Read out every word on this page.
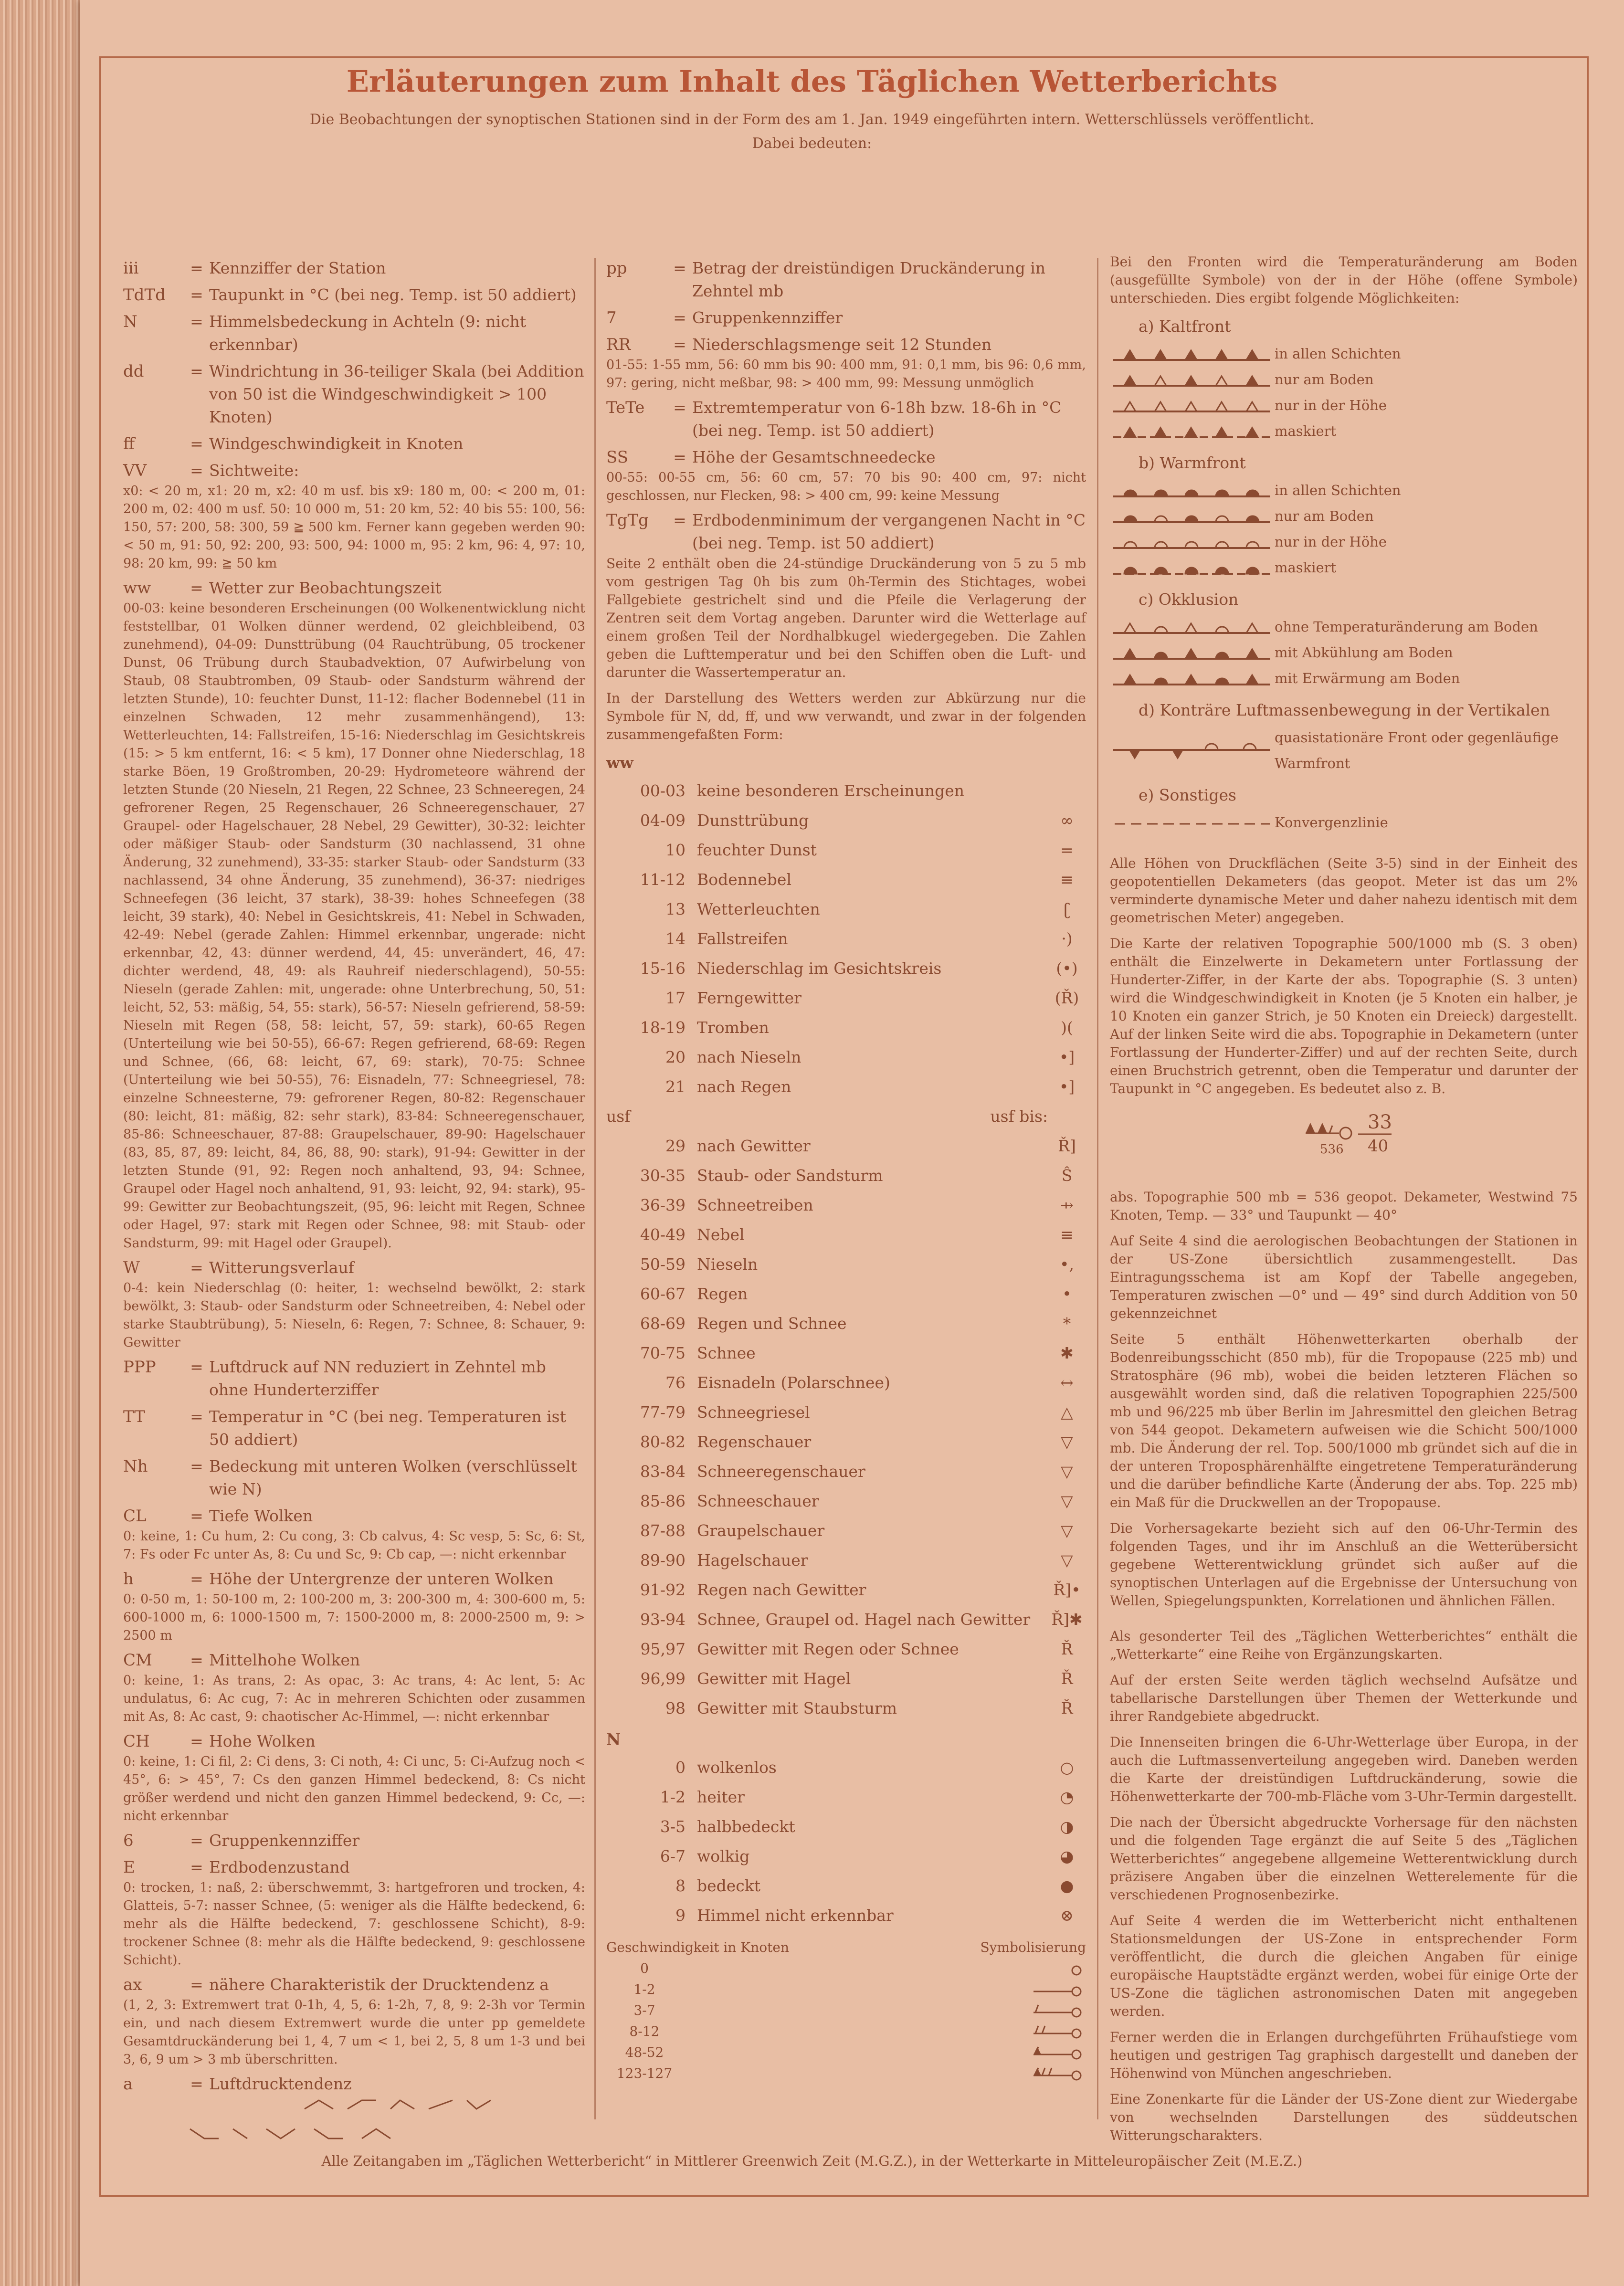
Erläuterungen zum Inhalt des Täglichen Wetterberichts
Die Beobachtungen der synoptischen Stationen sind in der Form des am 1. Jan. 1949 eingeführten intern. Wetterschlüssels veröffentlicht.
Dabei bedeuten:
iii	= Kennziffer der Station
TdTd	= Taupunkt in °C (bei neg. Temp. ist 50 addiert)
N	= Himmelsbedeckung in Achteln (9: nicht erkennbar)
dd	= Windrichtung in 36-teiliger Skala (bei Addition von 50 ist die Windgeschwindigkeit > 100 Knoten)
ff	= Windgeschwindigkeit in Knoten
VV	= Sichtweite:
x0: < 20 m, x1: 20 m, x2: 40 m usf. bis x9: 180 m, 00: < 200 m, 01: 200 m, 02: 400 m usf. 50: 10 000 m, 51: 20 km, 52: 40 bis 55: 100, 56: 150, 57: 200, 58: 300, 59 ≧ 500 km. Ferner kann gegeben werden 90: < 50 m, 91: 50, 92: 200, 93: 500, 94: 1000 m, 95: 2 km, 96: 4, 97: 10, 98: 20 km, 99: ≧ 50 km
ww	= Wetter zur Beobachtungszeit
00-03: keine besonderen Erscheinungen (00 Wolkenentwicklung nicht feststellbar, 01 Wolken dünner werdend, 02 gleichbleibend, 03 zunehmend), 04-09: Dunsttrübung (04 Rauchtrübung, 05 trockener Dunst, 06 Trübung durch Staubadvektion, 07 Aufwirbelung von Staub, 08 Staubtromben, 09 Staub- oder Sandsturm während der letzten Stunde), 10: feuchter Dunst, 11-12: flacher Bodennebel (11 in einzelnen Schwaden, 12 mehr zusammenhängend), 13: Wetterleuchten, 14: Fallstreifen, 15-16: Niederschlag im Gesichtskreis (15: > 5 km entfernt, 16: < 5 km), 17 Donner ohne Niederschlag, 18 starke Böen, 19 Großtromben, 20-29: Hydrometeore während der letzten Stunde (20 Nieseln, 21 Regen, 22 Schnee, 23 Schneeregen, 24 gefrorener Regen, 25 Regenschauer, 26 Schneeregenschauer, 27 Graupel- oder Hagelschauer, 28 Nebel, 29 Gewitter), 30-32: leichter oder mäßiger Staub- oder Sandsturm (30 nachlassend, 31 ohne Änderung, 32 zunehmend), 33-35: starker Staub- oder Sandsturm (33 nachlassend, 34 ohne Änderung, 35 zunehmend), 36-37: niedriges Schneefegen (36 leicht, 37 stark), 38-39: hohes Schneefegen (38 leicht, 39 stark), 40: Nebel in Gesichtskreis, 41: Nebel in Schwaden, 42-49: Nebel (gerade Zahlen: Himmel erkennbar, ungerade: nicht erkennbar, 42, 43: dünner werdend, 44, 45: unverändert, 46, 47: dichter werdend, 48, 49: als Rauhreif niederschlagend), 50-55: Nieseln (gerade Zahlen: mit, ungerade: ohne Unterbrechung, 50, 51: leicht, 52, 53: mäßig, 54, 55: stark), 56-57: Nieseln gefrierend, 58-59: Nieseln mit Regen (58, 58: leicht, 57, 59: stark), 60-65 Regen (Unterteilung wie bei 50-55), 66-67: Regen gefrierend, 68-69: Regen und Schnee, (66, 68: leicht, 67, 69: stark), 70-75: Schnee (Unterteilung wie bei 50-55), 76: Eisnadeln, 77: Schneegriesel, 78: einzelne Schneesterne, 79: gefrorener Regen, 80-82: Regenschauer (80: leicht, 81: mäßig, 82: sehr stark), 83-84: Schneeregenschauer, 85-86: Schneeschauer, 87-88: Graupelschauer, 89-90: Hagelschauer (83, 85, 87, 89: leicht, 84, 86, 88, 90: stark), 91-94: Gewitter in der letzten Stunde (91, 92: Regen noch anhaltend, 93, 94: Schnee, Graupel oder Hagel noch anhaltend, 91, 93: leicht, 92, 94: stark), 95-99: Gewitter zur Beobachtungszeit, (95, 96: leicht mit Regen, Schnee oder Hagel, 97: stark mit Regen oder Schnee, 98: mit Staub- oder Sandsturm, 99: mit Hagel oder Graupel).
W	= Witterungsverlauf
0-4: kein Niederschlag (0: heiter, 1: wechselnd bewölkt, 2: stark bewölkt, 3: Staub- oder Sandsturm oder Schneetreiben, 4: Nebel oder starke Staubtrübung), 5: Nieseln, 6: Regen, 7: Schnee, 8: Schauer, 9: Gewitter
PPP	= Luftdruck auf NN reduziert in Zehntel mb ohne Hunderterziffer
TT	= Temperatur in °C (bei neg. Temperaturen ist 50 addiert)
Nh	= Bedeckung mit unteren Wolken (verschlüsselt wie N)
CL	= Tiefe Wolken
0: keine, 1: Cu hum, 2: Cu cong, 3: Cb calvus, 4: Sc vesp, 5: Sc, 6: St, 7: Fs oder Fc unter As, 8: Cu und Sc, 9: Cb cap, —: nicht erkennbar
h	= Höhe der Untergrenze der unteren Wolken
0: 0-50 m, 1: 50-100 m, 2: 100-200 m, 3: 200-300 m, 4: 300-600 m, 5: 600-1000 m, 6: 1000-1500 m, 7: 1500-2000 m, 8: 2000-2500 m, 9: > 2500 m
CM	= Mittelhohe Wolken
0: keine, 1: As trans, 2: As opac, 3: Ac trans, 4: Ac lent, 5: Ac undulatus, 6: Ac cug, 7: Ac in mehreren Schichten oder zusammen mit As, 8: Ac cast, 9: chaotischer Ac-Himmel, —: nicht erkennbar
CH	= Hohe Wolken
0: keine, 1: Ci fil, 2: Ci dens, 3: Ci noth, 4: Ci unc, 5: Ci-Aufzug noch < 45°, 6: > 45°, 7: Cs den ganzen Himmel bedeckend, 8: Cs nicht größer werdend und nicht den ganzen Himmel bedeckend, 9: Cc, —: nicht erkennbar
6	= Gruppenkennziffer
E	= Erdbodenzustand
0: trocken, 1: naß, 2: überschwemmt, 3: hartgefroren und trocken, 4: Glatteis, 5-7: nasser Schnee, (5: weniger als die Hälfte bedeckend, 6: mehr als die Hälfte bedeckend, 7: geschlossene Schicht), 8-9: trockener Schnee (8: mehr als die Hälfte bedeckend, 9: geschlossene Schicht).
ax	= nähere Charakteristik der Drucktendenz a
(1, 2, 3: Extremwert trat 0-1h, 4, 5, 6: 1-2h, 7, 8, 9: 2-3h vor Termin ein, und nach diesem Extremwert wurde die unter pp gemeldete Gesamtdruckänderung bei 1, 4, 7 um < 1, bei 2, 5, 8 um 1-3 und bei 3, 6, 9 um > 3 mb überschritten.
a	= Luftdrucktendenz
pp	= Betrag der dreistündigen Druckänderung in Zehntel mb
7	= Gruppenkennziffer
RR	= Niederschlagsmenge seit 12 Stunden
01-55: 1-55 mm, 56: 60 mm bis 90: 400 mm, 91: 0,1 mm, bis 96: 0,6 mm, 97: gering, nicht meßbar, 98: > 400 mm, 99: Messung unmöglich
TeTe	= Extremtemperatur von 6-18h bzw. 18-6h in °C (bei neg. Temp. ist 50 addiert)
SS	= Höhe der Gesamtschneedecke
00-55: 00-55 cm, 56: 60 cm, 57: 70 bis 90: 400 cm, 97: nicht geschlossen, nur Flecken, 98: > 400 cm, 99: keine Messung
TgTg	= Erdbodenminimum der vergangenen Nacht in °C (bei neg. Temp. ist 50 addiert)
Seite 2 enthält oben die 24-stündige Druckänderung von 5 zu 5 mb vom gestrigen Tag 0h bis zum 0h-Termin des Stichtages, wobei Fallgebiete gestrichelt sind und die Pfeile die Verlagerung der Zentren seit dem Vortag angeben. Darunter wird die Wetterlage auf einem großen Teil der Nordhalbkugel wiedergegeben. Die Zahlen geben die Lufttemperatur und bei den Schiffen oben die Luft- und darunter die Wassertemperatur an.
In der Darstellung des Wetters werden zur Abkürzung nur die Symbole für N, dd, ff, und ww verwandt, und zwar in der folgenden zusammengefaßten Form:
ww
00-03 keine besonderen Erscheinungen
04-09 Dunsttrübung	∞
10 feuchter Dunst	=
11-12 Bodennebel	≡
13 Wetterleuchten	ʗ
14 Fallstreifen	·)
15-16 Niederschlag im Gesichtskreis	(•)
17 Ferngewitter	(Ř)
18-19 Tromben	)(
20 nach Nieseln	•]
21 nach Regen	•]
usf	usf bis:
29 nach Gewitter	Ř]
30-35 Staub- oder Sandsturm	Ŝ
36-39 Schneetreiben	⇸
40-49 Nebel	≡
50-59 Nieseln	•,
60-67 Regen	•
68-69 Regen und Schnee	*
70-75 Schnee	✱
76 Eisnadeln (Polarschnee)	↔
77-79 Schneegriesel	△
80-82 Regenschauer	▽
83-84 Schneeregenschauer	▽
85-86 Schneeschauer	▽
87-88 Graupelschauer	▽
89-90 Hagelschauer	▽
91-92 Regen nach Gewitter	Ř]•
93-94 Schnee, Graupel od. Hagel nach Gewitter	Ř]✱
95,97 Gewitter mit Regen oder Schnee	Ř
96,99 Gewitter mit Hagel	Ř
98 Gewitter mit Staubsturm	Ř
N
0 wolkenlos	○
1-2 heiter	◔
3-5 halbbedeckt	◑
6-7 wolkig	◕
8 bedeckt	●
9 Himmel nicht erkennbar	⊗
Geschwindigkeit in Knoten	Symbolisierung
0
1-2
3-7
8-12
48-52
123-127
Bei den Fronten wird die Temperaturänderung am Boden (ausgefüllte Symbole) von der in der Höhe (offene Symbole) unterschieden. Dies ergibt folgende Möglichkeiten:
a) Kaltfront
in allen Schichten
nur am Boden
nur in der Höhe
maskiert
b) Warmfront
in allen Schichten
nur am Boden
nur in der Höhe
maskiert
c) Okklusion
ohne Temperaturänderung am Boden
mit Abkühlung am Boden
mit Erwärmung am Boden
d) Konträre Luftmassenbewegung in der Vertikalen
quasistationäre Front oder gegenläufige Warmfront
e) Sonstiges
Konvergenzlinie
Alle Höhen von Druckflächen (Seite 3-5) sind in der Einheit des geopotentiellen Dekameters (das geopot. Meter ist das um 2% verminderte dynamische Meter und daher nahezu identisch mit dem geometrischen Meter) angegeben.
Die Karte der relativen Topographie 500/1000 mb (S. 3 oben) enthält die Einzelwerte in Dekametern unter Fortlassung der Hunderter-Ziffer, in der Karte der abs. Topographie (S. 3 unten) wird die Windgeschwindigkeit in Knoten (je 5 Knoten ein halber, je 10 Knoten ein ganzer Strich, je 50 Knoten ein Dreieck) dargestellt. Auf der linken Seite wird die abs. Topographie in Dekametern (unter Fortlassung der Hunderter-Ziffer) und auf der rechten Seite, durch einen Bruchstrich getrennt, oben die Temperatur und darunter der Taupunkt in °C angegeben. Es bedeutet also z. B.
536
33
40
abs. Topographie 500 mb = 536 geopot. Dekameter, Westwind 75 Knoten, Temp. — 33° und Taupunkt — 40°
Auf Seite 4 sind die aerologischen Beobachtungen der Stationen in der US-Zone übersichtlich zusammengestellt. Das Eintragungsschema ist am Kopf der Tabelle angegeben, Temperaturen zwischen —0° und — 49° sind durch Addition von 50 gekennzeichnet
Seite 5 enthält Höhenwetterkarten oberhalb der Bodenreibungsschicht (850 mb), für die Tropopause (225 mb) und Stratosphäre (96 mb), wobei die beiden letzteren Flächen so ausgewählt worden sind, daß die relativen Topographien 225/500 mb und 96/225 mb über Berlin im Jahresmittel den gleichen Betrag von 544 geopot. Dekametern aufweisen wie die Schicht 500/1000 mb. Die Änderung der rel. Top. 500/1000 mb gründet sich auf die in der unteren Troposphärenhälfte eingetretene Temperaturänderung und die darüber befindliche Karte (Änderung der abs. Top. 225 mb) ein Maß für die Druckwellen an der Tropopause.
Die Vorhersagekarte bezieht sich auf den 06-Uhr-Termin des folgenden Tages, und ihr im Anschluß an die Wetterübersicht gegebene Wetterentwicklung gründet sich außer auf die synoptischen Unterlagen auf die Ergebnisse der Untersuchung von Wellen, Spiegelungspunkten, Korrelationen und ähnlichen Fällen.
Als gesonderter Teil des „Täglichen Wetterberichtes“ enthält die „Wetterkarte“ eine Reihe von Ergänzungskarten.
Auf der ersten Seite werden täglich wechselnd Aufsätze und tabellarische Darstellungen über Themen der Wetterkunde und ihrer Randgebiete abgedruckt.
Die Innenseiten bringen die 6-Uhr-Wetterlage über Europa, in der auch die Luftmassenverteilung angegeben wird. Daneben werden die Karte der dreistündigen Luftdruckänderung, sowie die Höhenwetterkarte der 700-mb-Fläche vom 3-Uhr-Termin dargestellt.
Die nach der Übersicht abgedruckte Vorhersage für den nächsten und die folgenden Tage ergänzt die auf Seite 5 des „Täglichen Wetterberichtes“ angegebene allgemeine Wetterentwicklung durch präzisere Angaben über die einzelnen Wetterelemente für die verschiedenen Prognosenbezirke.
Auf Seite 4 werden die im Wetterbericht nicht enthaltenen Stationsmeldungen der US-Zone in entsprechender Form veröffentlicht, die durch die gleichen Angaben für einige europäische Hauptstädte ergänzt werden, wobei für einige Orte der US-Zone die täglichen astronomischen Daten mit angegeben werden.
Ferner werden die in Erlangen durchgeführten Frühaufstiege vom heutigen und gestrigen Tag graphisch dargestellt und daneben der Höhenwind von München angeschrieben.
Eine Zonenkarte für die Länder der US-Zone dient zur Wiedergabe von wechselnden Darstellungen des süddeutschen Witterungscharakters.
Alle Zeitangaben im „Täglichen Wetterbericht“ in Mittlerer Greenwich Zeit (M.G.Z.), in der Wetterkarte in Mitteleuropäischer Zeit (M.E.Z.)
